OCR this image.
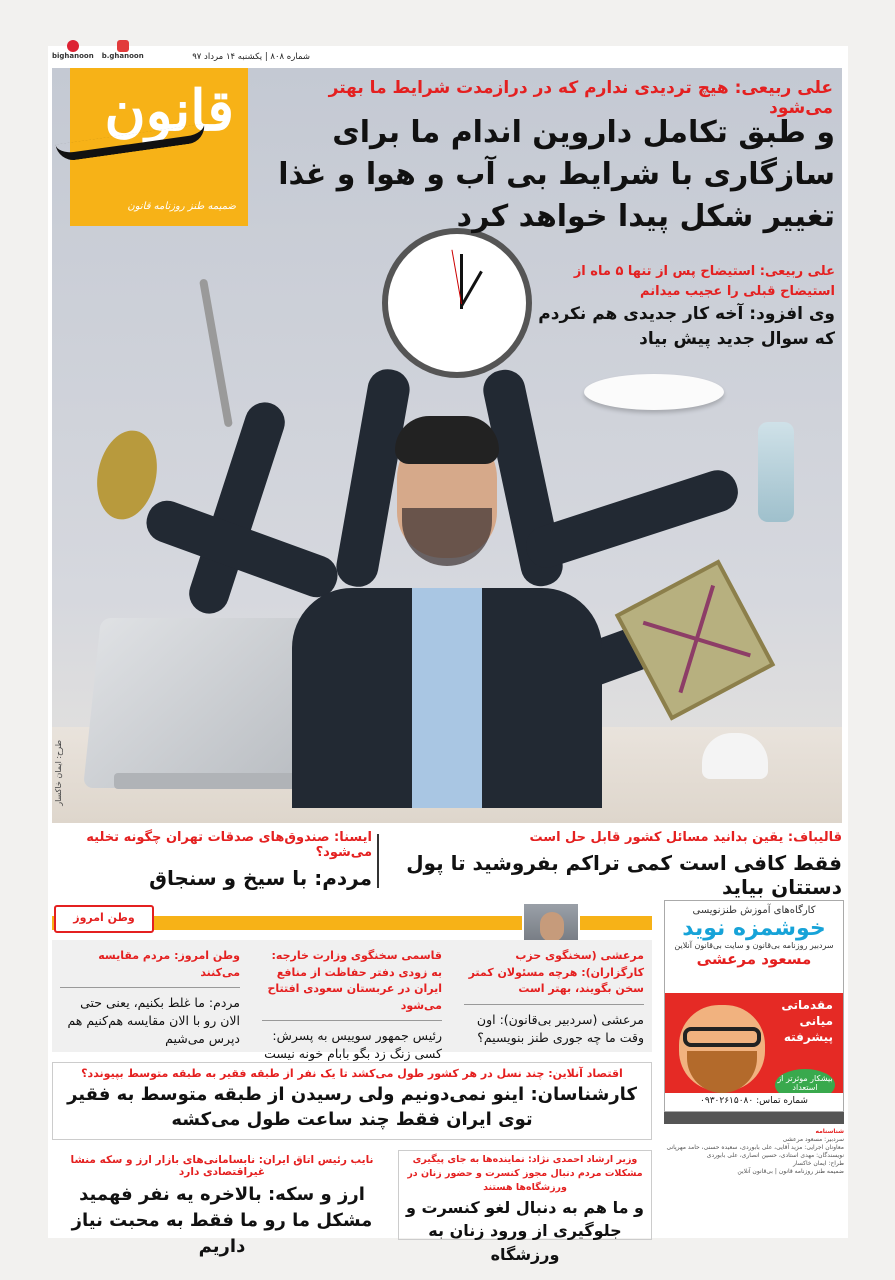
bighanoon b.ghanoon	شماره ۸۰۸ | یکشنبه ۱۴ مرداد ۹۷
قانون
ضمیمه طنز روزنامه قانون
طرح: ایمان خاکسار
علی ربیعی: هیچ تردیدی ندارم که در درازمدت شرایط ما بهتر می‌شود
و طبق تکامل داروین اندام ما برای سازگاری با شرایط بی آب و هوا و غذا تغییر شکل پیدا خواهد کرد
علی ربیعی: استیضاح پس از تنها ۵ ماه از استیضاح قبلی را عجیب میدانم
وی افزود: آخه کار جدیدی هم نکردم که سوال جدید پیش بیاد
قالیباف: یقین بدانید مسائل کشور قابل حل است
فقط کافی است کمی تراکم بفروشید تا پول دستتان بیاید
ایسنا: صندوق‌های صدقات تهران چگونه تخلیه می‌شود؟
مردم: با سیخ و سنجاق
وطن امروز
مرعشی (سخنگوی حزب کارگزاران): هرچه مسئولان کمتر سخن بگویند، بهتر است
مرعشی (سردبیر بی‌قانون): اون وقت ما چه جوری طنز بنویسیم؟
قاسمی سخنگوی وزارت خارجه: به زودی دفتر حفاظت از منافع ایران در عربستان سعودی افتتاح می‌شود
رئیس جمهور سوییس به پسرش: کسی زنگ زد بگو بابام خونه نیست
وطن امروز: مردم مقایسه می‌کنند
مردم: ما غلط بکنیم، یعنی حتی الان رو با الان مقایسه هم‌کنیم هم دپرس می‌شیم
کارگاه‌های آموزش طنزنویسی
خوشمزه نوید
سردبیر روزنامه بی‌قانون و سایت بی‌قانون آنلاین
مسعود مرعشی
مقدماتی میانی پیشرفته
بیشکار موثرتر از استعداد
شماره تماس: ۰۹۳۰۲۶۱۵۰۸۰
شناسنامه
سردبیر: مسعود مرعشی
معاونان اجرایی: مزید آقایی، علی بابوردی، سعیده حسنی، حامد مهرپانی
نویسندگان: مهدی استادی، حسین انصاری، علی بابوردی
طراح: ایمان خاکسار
ضمیمه طنز روزنامه قانون | بی‌قانون آنلاین
اقتصاد آنلاین: چند نسل در هر کشور طول می‌کشد تا یک نفر از طبقه فقیر به طبقه متوسط بپیوندد؟
کارشناسان: اینو نمی‌دونیم ولی رسیدن از طبقه متوسط به فقیر توی ایران فقط چند ساعت طول می‌کشه
وزیر ارشاد احمدی نژاد: نماینده‌ها به جای پیگیری مشکلات مردم دنبال مجوز کنسرت و حضور زنان در ورزشگاه‌ها هستند
و ما هم به دنبال لغو کنسرت و جلوگیری از ورود زنان به ورزشگاه
نایب رئیس اتاق ایران: نابسامانی‌های بازار ارز و سکه منشا غیراقتصادی دارد
ارز و سکه: بالاخره یه نفر فهمید مشکل ما رو ما فقط به محبت نیاز داریم
